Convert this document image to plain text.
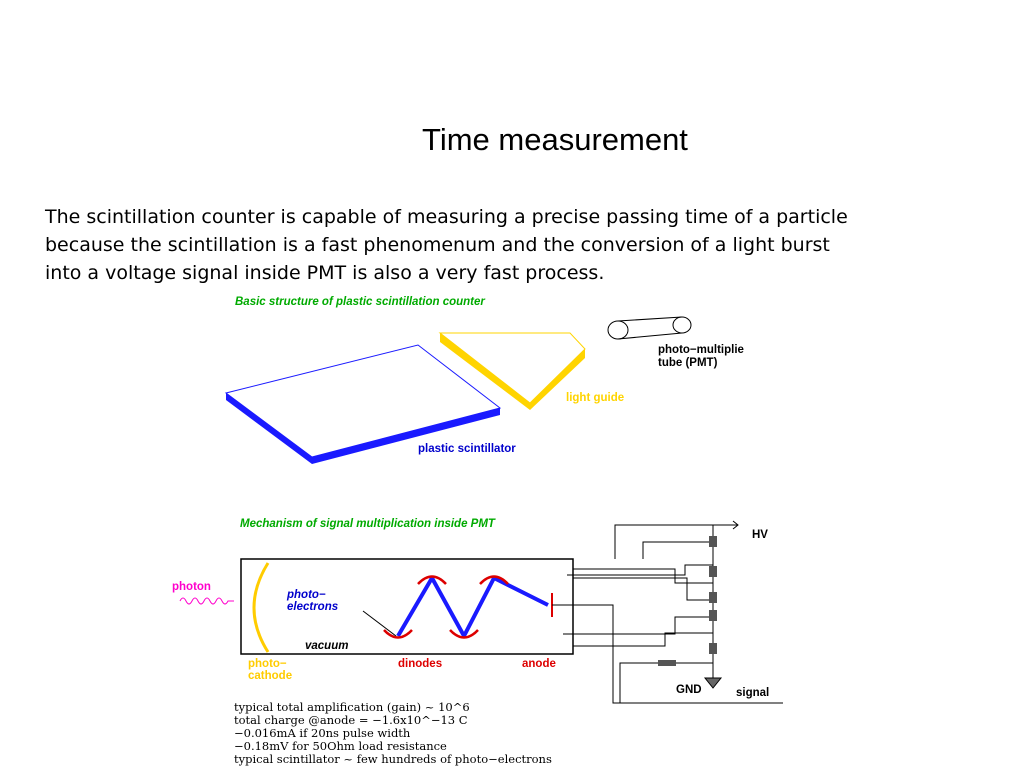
Time measurement

The scintillation counter is capable of measuring a precise passing time of a particle
because the scintillation is a fast phenomenum and the conversion of a light burst
into a voltage signal inside PMT is also a very fast process.

Basic structure of plastic scintillation counter
photo−multiplie
tube (PMT)
light guide
plastic scintillator
Mechanism of signal multiplication inside PMT
photon
HV
photo−
electrons
vacuum
photo−
cathode
dinodes	anode
GND	signal

typical total amplification (gain) ~ 10^6
total charge @anode = −1.6x10^−13 C
−0.016mA if 20ns pulse width
−0.18mV for 50Ohm load resistance
typical scintillator ~ few hundreds of photo−electrons
